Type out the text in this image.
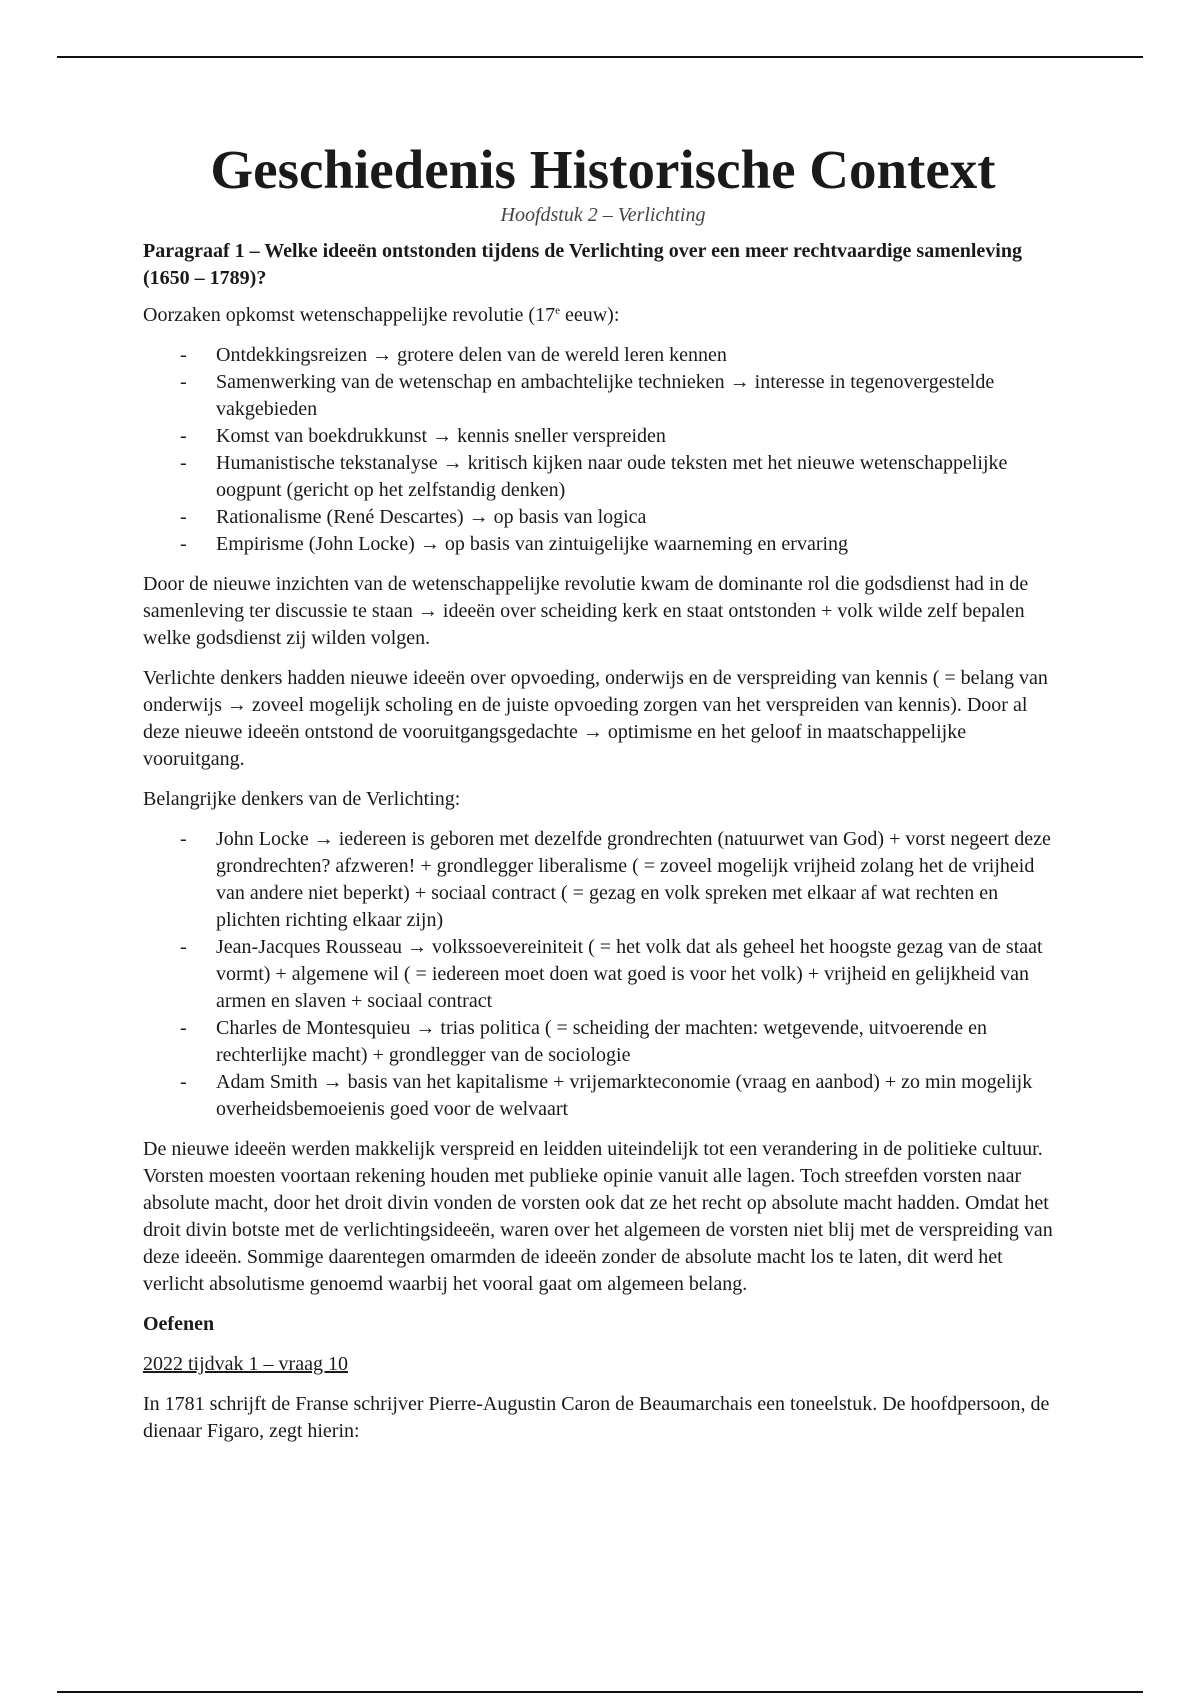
Geschiedenis Historische Context
Hoofdstuk 2 – Verlichting
Paragraaf 1 – Welke ideeën ontstonden tijdens de Verlichting over een meer rechtvaardige samenleving (1650 – 1789)?

Oorzaken opkomst wetenschappelijke revolutie (17e eeuw):

- Ontdekkingsreizen → grotere delen van de wereld leren kennen
- Samenwerking van de wetenschap en ambachtelijke technieken → interesse in tegenovergestelde vakgebieden
- Komst van boekdrukkunst → kennis sneller verspreiden
- Humanistische tekstanalyse → kritisch kijken naar oude teksten met het nieuwe wetenschappelijke oogpunt (gericht op het zelfstandig denken)
- Rationalisme (René Descartes) → op basis van logica
- Empirisme (John Locke) → op basis van zintuigelijke waarneming en ervaring

Door de nieuwe inzichten van de wetenschappelijke revolutie kwam de dominante rol die godsdienst had in de samenleving ter discussie te staan → ideeën over scheiding kerk en staat ontstonden + volk wilde zelf bepalen welke godsdienst zij wilden volgen.

Verlichte denkers hadden nieuwe ideeën over opvoeding, onderwijs en de verspreiding van kennis ( = belang van onderwijs → zoveel mogelijk scholing en de juiste opvoeding zorgen van het verspreiden van kennis). Door al deze nieuwe ideeën ontstond de vooruitgangsgedachte → optimisme en het geloof in maatschappelijke vooruitgang.

Belangrijke denkers van de Verlichting:

- John Locke → iedereen is geboren met dezelfde grondrechten (natuurwet van God) + vorst negeert deze grondrechten? afzweren! + grondlegger liberalisme ( = zoveel mogelijk vrijheid zolang het de vrijheid van andere niet beperkt) + sociaal contract ( = gezag en volk spreken met elkaar af wat rechten en plichten richting elkaar zijn)
- Jean-Jacques Rousseau → volkssoevereiniteit ( = het volk dat als geheel het hoogste gezag van de staat vormt) + algemene wil ( = iedereen moet doen wat goed is voor het volk) + vrijheid en gelijkheid van armen en slaven + sociaal contract
- Charles de Montesquieu → trias politica ( = scheiding der machten: wetgevende, uitvoerende en rechterlijke macht) + grondlegger van de sociologie
- Adam Smith → basis van het kapitalisme + vrijemarkteconomie (vraag en aanbod) + zo min mogelijk overheidsbemoeienis goed voor de welvaart

De nieuwe ideeën werden makkelijk verspreid en leidden uiteindelijk tot een verandering in de politieke cultuur. Vorsten moesten voortaan rekening houden met publieke opinie vanuit alle lagen. Toch streefden vorsten naar absolute macht, door het droit divin vonden de vorsten ook dat ze het recht op absolute macht hadden. Omdat het droit divin botste met de verlichtingsideeën, waren over het algemeen de vorsten niet blij met de verspreiding van deze ideeën. Sommige daarentegen omarmden de ideeën zonder de absolute macht los te laten, dit werd het verlicht absolutisme genoemd waarbij het vooral gaat om algemeen belang.

Oefenen

2022 tijdvak 1 – vraag 10

In 1781 schrijft de Franse schrijver Pierre-Augustin Caron de Beaumarchais een toneelstuk. De hoofdpersoon, de dienaar Figaro, zegt hierin:
